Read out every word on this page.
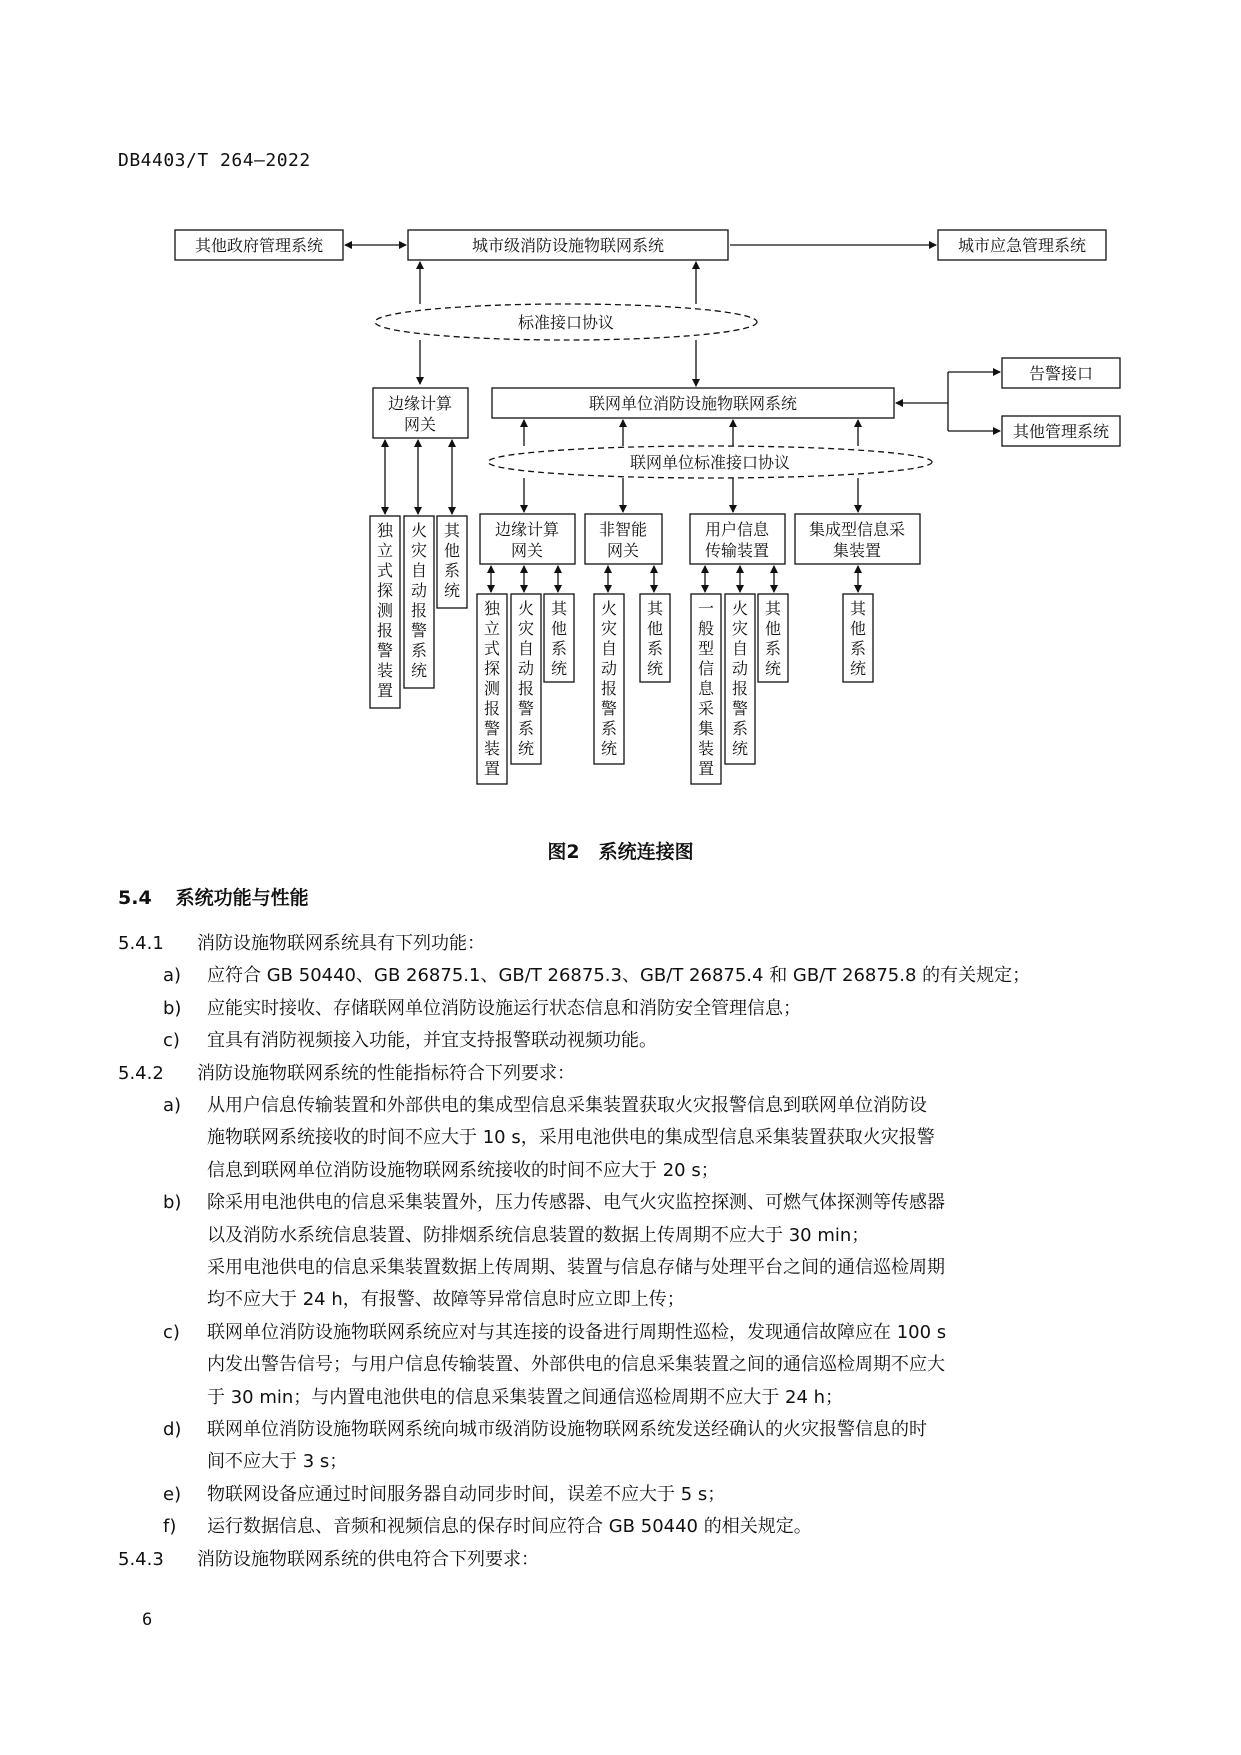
DB4403/T 264—2022
其他政府管理系统	城市级消防设施物联网系统	城市应急管理系统
标准接口协议
边缘计算
网关
联网单位消防设施物联网系统
告警接口
其他管理系统
联网单位标准接口协议
边缘计算
网关
非智能
网关
用户信息
传输装置
集成型信息采
集装置
独立式探测报警装置
火灾自动报警系统
其他系统
独立式探测报警装置
火灾自动报警系统
其他系统
火灾自动报警系统
其他系统
一般型信息采集装置
火灾自动报警系统
其他系统
其他系统
图2　系统连接图
5.4 系统功能与性能
5.4.1 消防设施物联网系统具有下列功能：
a) 应符合 GB 50440、GB 26875.1、GB/T 26875.3、GB/T 26875.4 和 GB/T 26875.8 的有关规定；
b) 应能实时接收、存储联网单位消防设施运行状态信息和消防安全管理信息；
c) 宜具有消防视频接入功能，并宜支持报警联动视频功能。
5.4.2 消防设施物联网系统的性能指标符合下列要求：
a) 从用户信息传输装置和外部供电的集成型信息采集装置获取火灾报警信息到联网单位消防设
施物联网系统接收的时间不应大于 10 s，采用电池供电的集成型信息采集装置获取火灾报警
信息到联网单位消防设施物联网系统接收的时间不应大于 20 s；
b) 除采用电池供电的信息采集装置外，压力传感器、电气火灾监控探测、可燃气体探测等传感器
以及消防水系统信息装置、防排烟系统信息装置的数据上传周期不应大于 30 min；
采用电池供电的信息采集装置数据上传周期、装置与信息存储与处理平台之间的通信巡检周期
均不应大于 24 h，有报警、故障等异常信息时应立即上传；
c) 联网单位消防设施物联网系统应对与其连接的设备进行周期性巡检，发现通信故障应在 100 s
内发出警告信号；与用户信息传输装置、外部供电的信息采集装置之间的通信巡检周期不应大
于 30 min；与内置电池供电的信息采集装置之间通信巡检周期不应大于 24 h；
d) 联网单位消防设施物联网系统向城市级消防设施物联网系统发送经确认的火灾报警信息的时
间不应大于 3 s；
e) 物联网设备应通过时间服务器自动同步时间，误差不应大于 5 s；
f) 运行数据信息、音频和视频信息的保存时间应符合 GB 50440 的相关规定。
5.4.3 消防设施物联网系统的供电符合下列要求：
6
